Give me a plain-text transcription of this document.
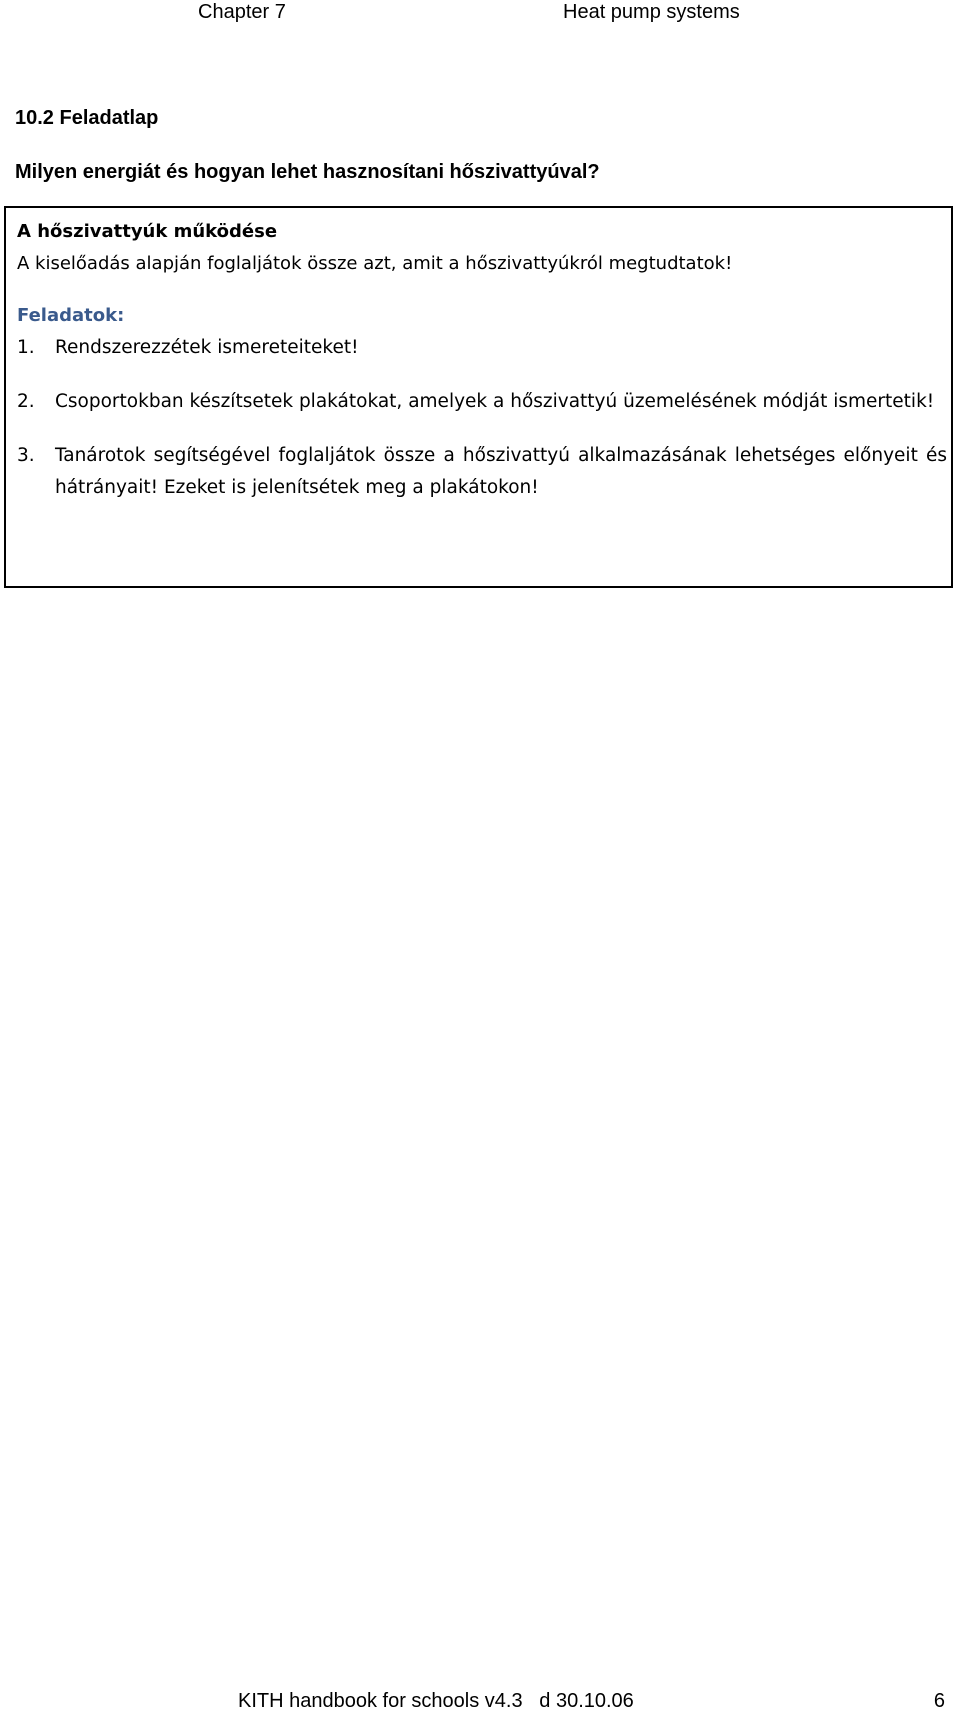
Chapter 7	Heat pump systems
10.2 Feladatlap
Milyen energiát és hogyan lehet hasznosítani hőszivattyúval?
A hőszivattyúk működése
A kiselőadás alapján foglaljátok össze azt, amit a hőszivattyúkról megtudtatok!
Feladatok:
1.	Rendszerezzétek ismereteiteket!
2.	Csoportokban készítsetek plakátokat, amelyek a hőszivattyú üzemelésének módját ismertetik!
3.	Tanárotok segítségével foglaljátok össze a hőszivattyú alkalmazásának lehetséges előnyeit és hátrányait! Ezeket is jelenítsétek meg a plakátokon!
KITH handbook for schools v4.3   d 30.10.06	6
